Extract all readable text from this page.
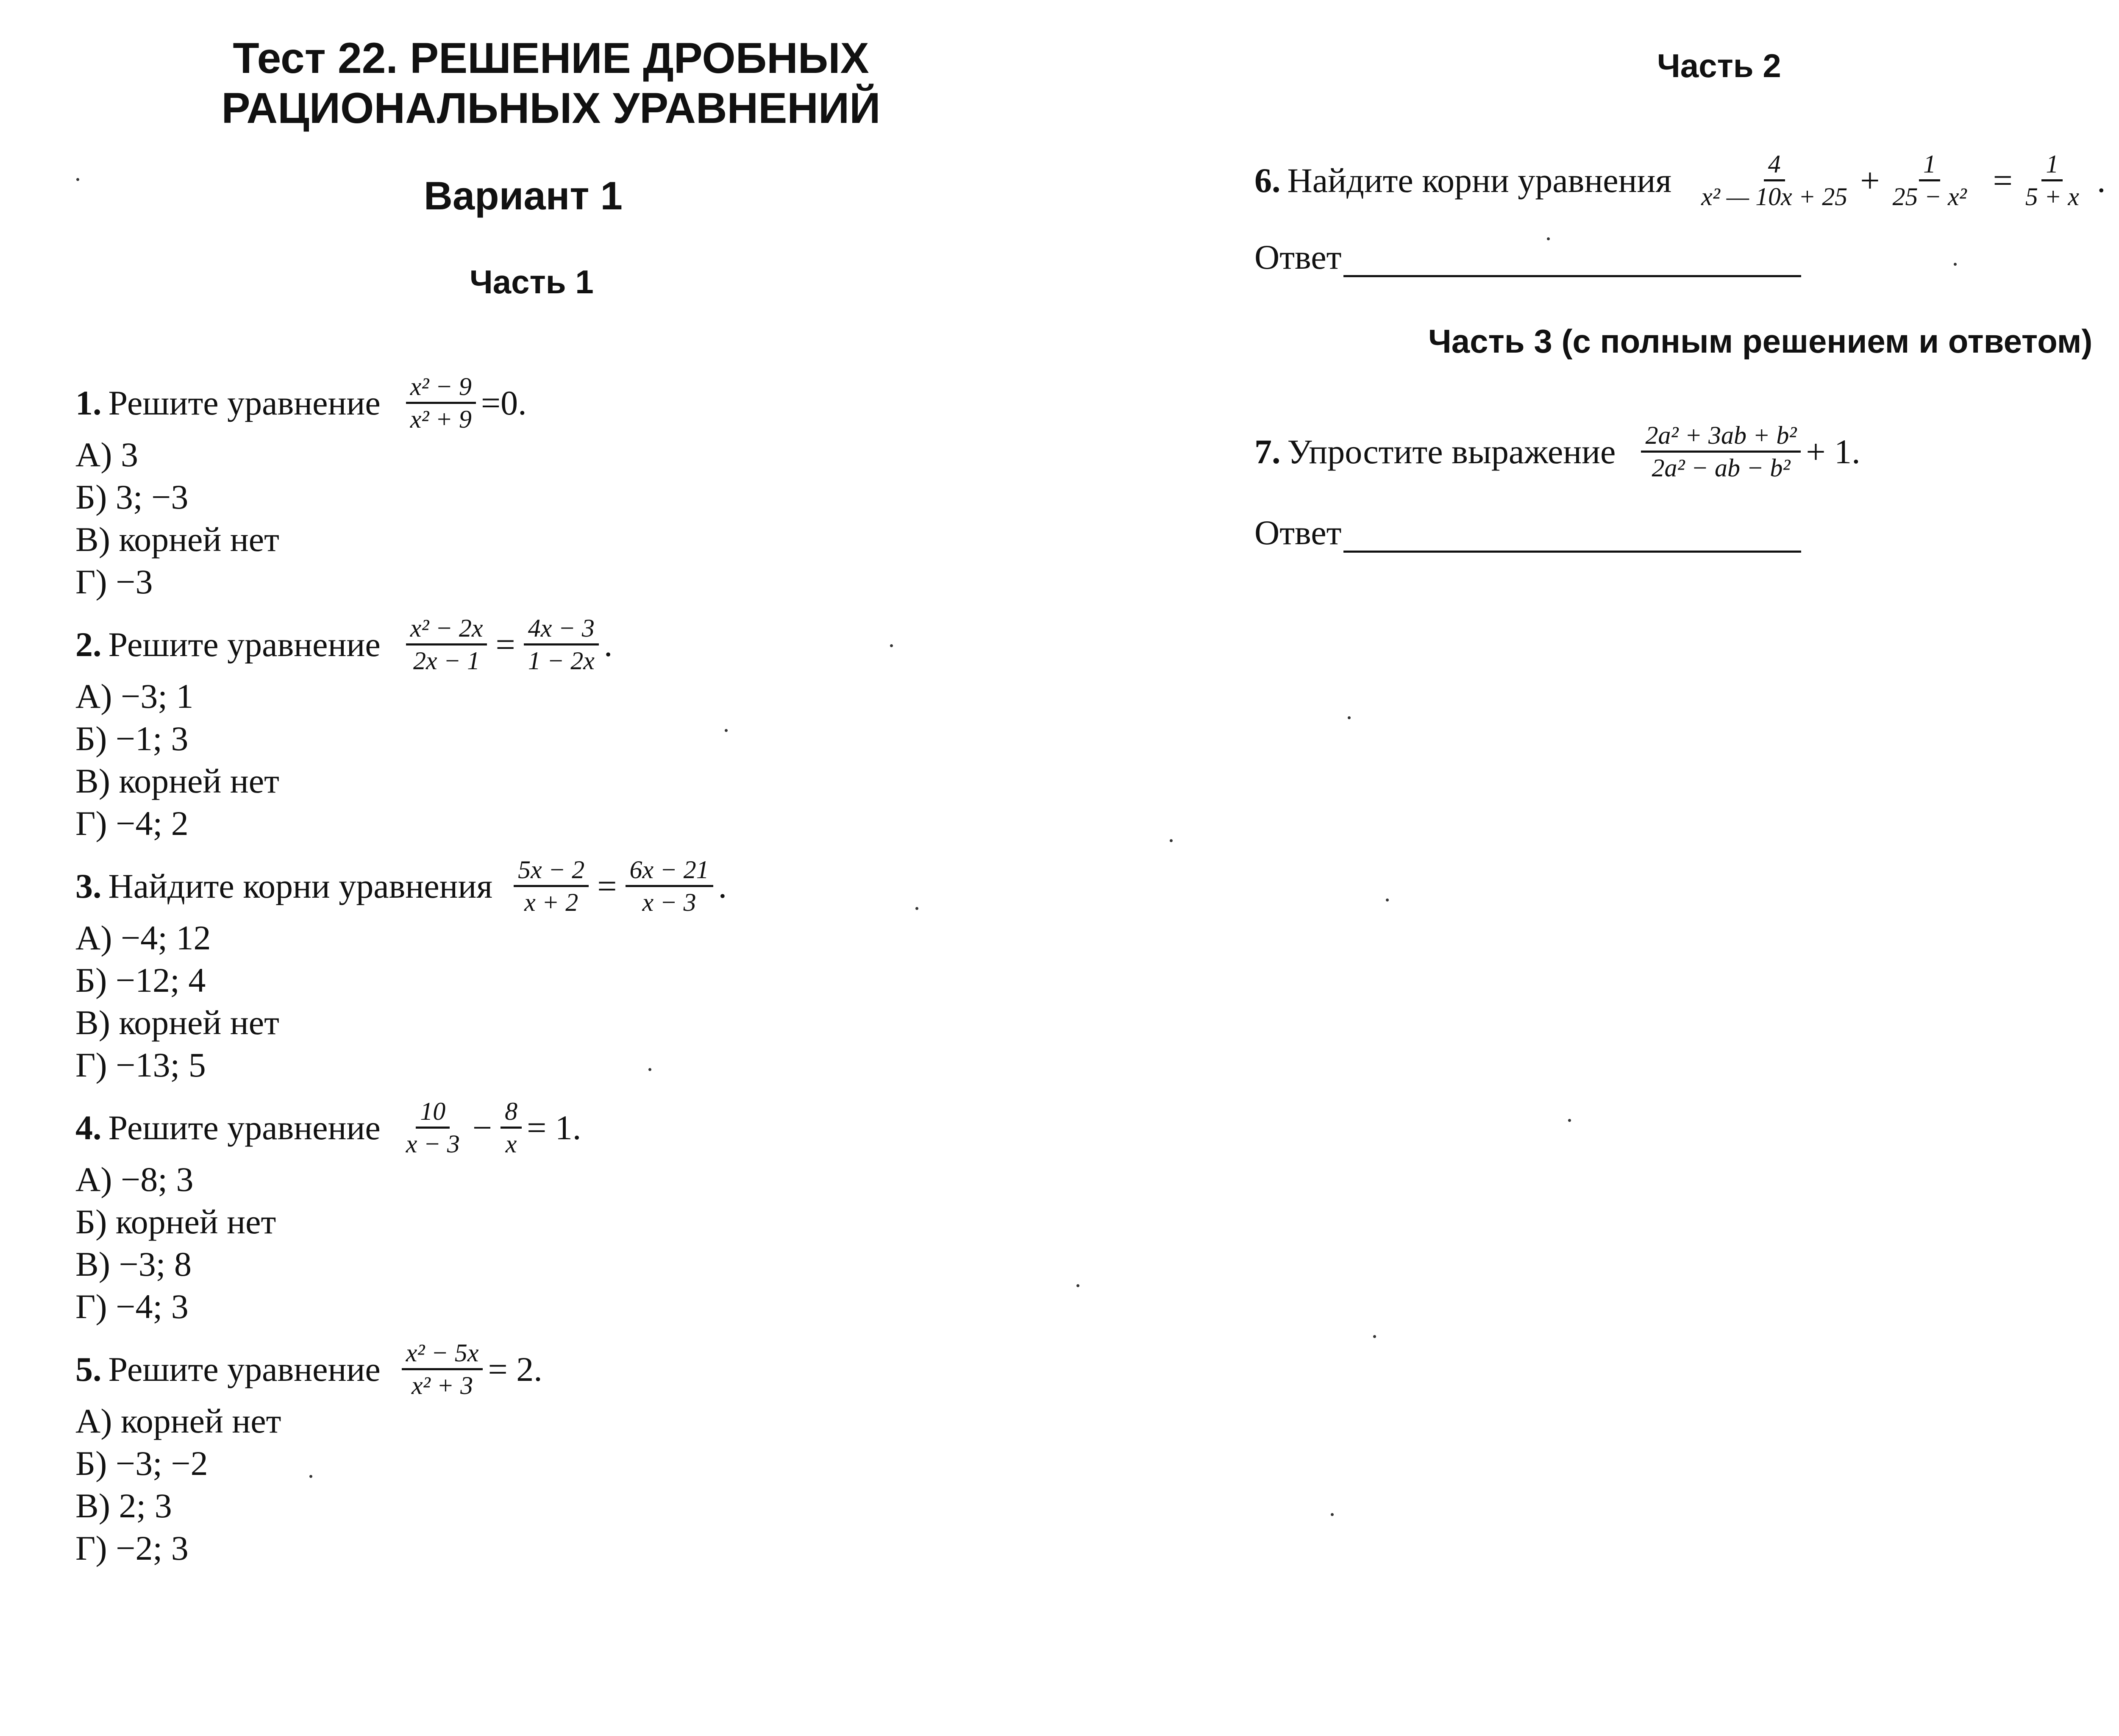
Тест 22. РЕШЕНИЕ ДРОБНЫХ
РАЦИОНАЛЬНЫХ УРАВНЕНИЙ
Вариант 1
Часть 1
1. Решите уравнение $\frac{\text{x² − 9}}{\text{x² + 9}} =0$.
А) 3
Б) 3; −3
В) корней нет
Г) −3
2. Решите уравнение $\frac{\text{x² − 2x}}{2x - 1} = \frac{4x - 3}{1 - 2x}$ .
А) −3; 1
Б) −1; 3
В) корней нет
Г) −4; 2
3. Найдите корни уравнения $\frac{5x - 2}{x + 2} = \frac{6x - 21}{x - 3}$ .
А) −4; 12
Б) −12; 4
В) корней нет
Г) −13; 5
4. Решите уравнение $\frac{10}{x - 3} - \frac{8}{x} = 1$.
А) −8; 3
Б) корней нет
В) −3; 8
Г) −4; 3
5. Решите уравнение $\frac{\text{x² − 5x}}{\text{x² + 3}} = 2$.
А) корней нет
Б) −3; −2
В) 2; 3
Г) −2; 3
Часть 2
6. Найдите корни уравнения $\frac{4}{\text{x² — 10x + 25}} + \frac{1}{\text{25 − x²}} = \frac{1}{5 + x}$ .
Ответ
Часть 3 (с полным решением и ответом)
7. Упростите выражение $\frac{\text{2a² + 3ab + b²}}{\text{2a² − ab − b²}} + 1$.
Ответ
